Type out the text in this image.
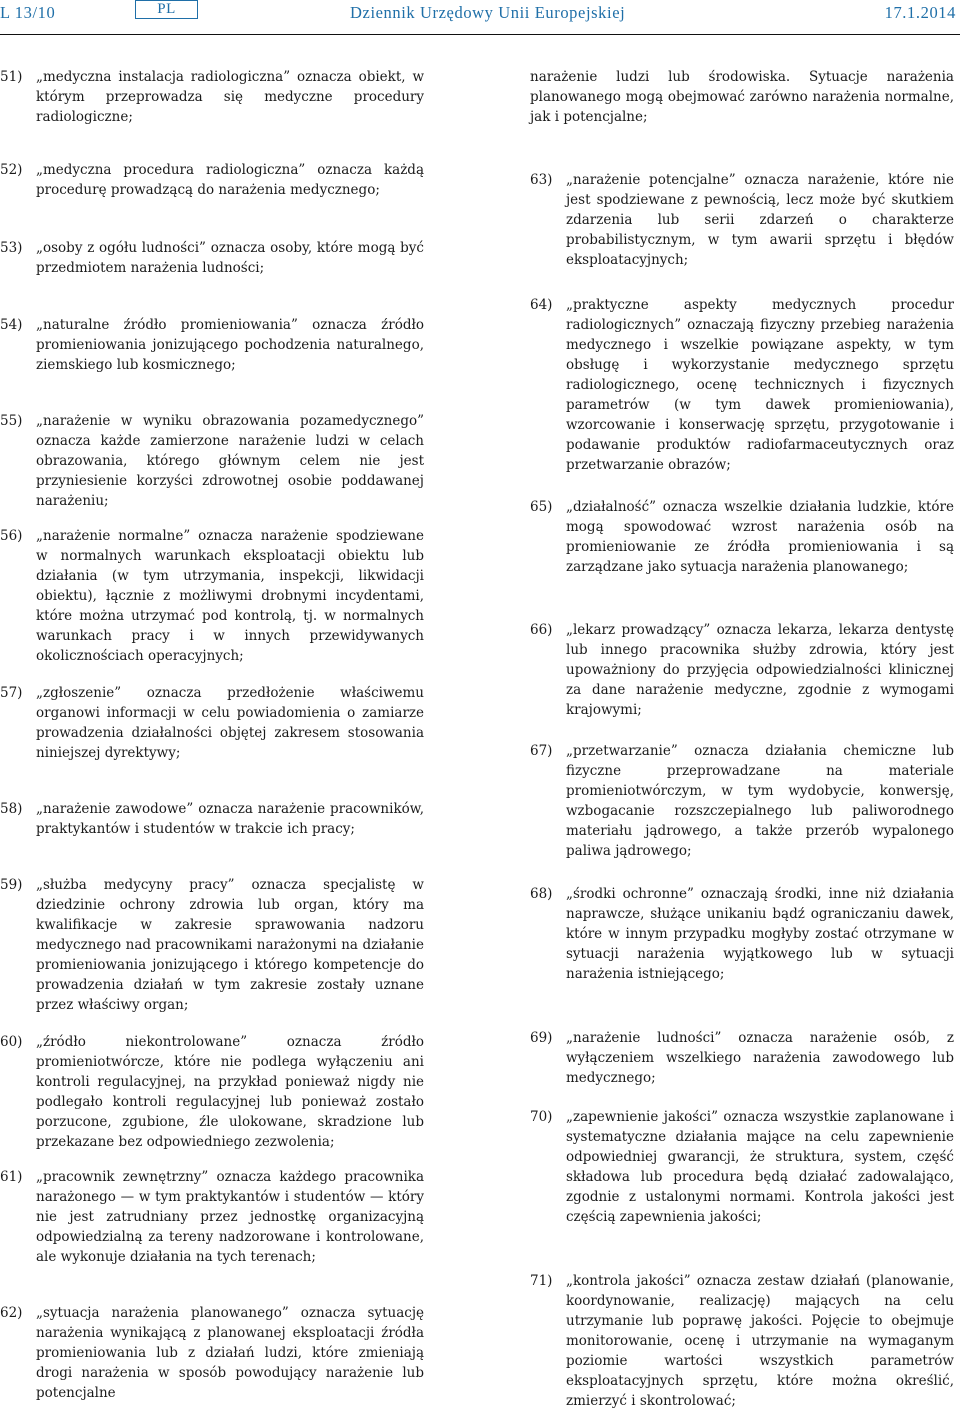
L 13/10	PL	Dziennik Urzędowy Unii Europejskiej	17.1.2014
51)	„medyczna instalacja radiologiczna” oznacza obiekt, w którym przeprowadza się medyczne procedury radiologiczne;
52)	„medyczna procedura radiologiczna” oznacza każdą procedurę prowadzącą do narażenia medycznego;
53)	„osoby z ogółu ludności” oznacza osoby, które mogą być przedmiotem narażenia ludności;
54)	„naturalne źródło promieniowania” oznacza źródło promieniowania jonizującego pochodzenia naturalnego, ziemskiego lub kosmicznego;
55)	„narażenie w wyniku obrazowania pozamedycznego” oznacza każde zamierzone narażenie ludzi w celach obrazowania, którego głównym celem nie jest przyniesienie korzyści zdrowotnej osobie poddawanej narażeniu;
56)	„narażenie normalne” oznacza narażenie spodziewane w normalnych warunkach eksploatacji obiektu lub działania (w tym utrzymania, inspekcji, likwidacji obiektu), łącznie z możliwymi drobnymi incydentami, które można utrzymać pod kontrolą, tj. w normalnych warunkach pracy i w innych przewidywanych okolicznościach operacyjnych;
57)	„zgłoszenie” oznacza przedłożenie właściwemu organowi informacji w celu powiadomienia o zamiarze prowadzenia działalności objętej zakresem stosowania niniejszej dyrektywy;
58)	„narażenie zawodowe” oznacza narażenie pracowników, praktykantów i studentów w trakcie ich pracy;
59)	„służba medycyny pracy” oznacza specjalistę w dziedzinie ochrony zdrowia lub organ, który ma kwalifikacje w zakresie sprawowania nadzoru medycznego nad pracownikami narażonymi na działanie promieniowania jonizującego i którego kompetencje do prowadzenia działań w tym zakresie zostały uznane przez właściwy organ;
60)	„źródło niekontrolowane” oznacza źródło promieniotwórcze, które nie podlega wyłączeniu ani kontroli regulacyjnej, na przykład ponieważ nigdy nie podlegało kontroli regulacyjnej lub ponieważ zostało porzucone, zgubione, źle ulokowane, skradzione lub przekazane bez odpowiedniego zezwolenia;
61)	„pracownik zewnętrzny” oznacza każdego pracownika narażonego — w tym praktykantów i studentów — który nie jest zatrudniany przez jednostkę organizacyjną odpowiedzialną za tereny nadzorowane i kontrolowane, ale wykonuje działania na tych terenach;
62)	„sytuacja narażenia planowanego” oznacza sytuację narażenia wynikającą z planowanej eksploatacji źródła promieniowania lub z działań ludzi, które zmieniają drogi narażenia w sposób powodujący narażenie lub potencjalne
narażenie ludzi lub środowiska. Sytuacje narażenia planowanego mogą obejmować zarówno narażenia normalne, jak i potencjalne;
63)	„narażenie potencjalne” oznacza narażenie, które nie jest spodziewane z pewnością, lecz może być skutkiem zdarzenia lub serii zdarzeń o charakterze probabilistycznym, w tym awarii sprzętu i błędów eksploatacyjnych;
64)	„praktyczne aspekty medycznych procedur radiologicznych” oznaczają fizyczny przebieg narażenia medycznego i wszelkie powiązane aspekty, w tym obsługę i wykorzystanie medycznego sprzętu radiologicznego, ocenę technicznych i fizycznych parametrów (w tym dawek promieniowania), wzorcowanie i konserwację sprzętu, przygotowanie i podawanie produktów radiofarmaceutycznych oraz przetwarzanie obrazów;
65)	„działalność” oznacza wszelkie działania ludzkie, które mogą spowodować wzrost narażenia osób na promieniowanie ze źródła promieniowania i są zarządzane jako sytuacja narażenia planowanego;
66)	„lekarz prowadzący” oznacza lekarza, lekarza dentystę lub innego pracownika służby zdrowia, który jest upoważniony do przyjęcia odpowiedzialności klinicznej za dane narażenie medyczne, zgodnie z wymogami krajowymi;
67)	„przetwarzanie” oznacza działania chemiczne lub fizyczne przeprowadzane na materiale promieniotwórczym, w tym wydobycie, konwersję, wzbogacanie rozszczepialnego lub paliworodnego materiału jądrowego, a także przerób wypalonego paliwa jądrowego;
68)	„środki ochronne” oznaczają środki, inne niż działania naprawcze, służące unikaniu bądź ograniczaniu dawek, które w innym przypadku mogłyby zostać otrzymane w sytuacji narażenia wyjątkowego lub w sytuacji narażenia istniejącego;
69)	„narażenie ludności” oznacza narażenie osób, z wyłączeniem wszelkiego narażenia zawodowego lub medycznego;
70)	„zapewnienie jakości” oznacza wszystkie zaplanowane i systematyczne działania mające na celu zapewnienie odpowiedniej gwarancji, że struktura, system, część składowa lub procedura będą działać zadowalająco, zgodnie z ustalonymi normami. Kontrola jakości jest częścią zapewnienia jakości;
71)	„kontrola jakości” oznacza zestaw działań (planowanie, koordynowanie, realizację) mających na celu utrzymanie lub poprawę jakości. Pojęcie to obejmuje monitorowanie, ocenę i utrzymanie na wymaganym poziomie wartości wszystkich parametrów eksploatacyjnych sprzętu, które można określić, zmierzyć i skontrolować;
